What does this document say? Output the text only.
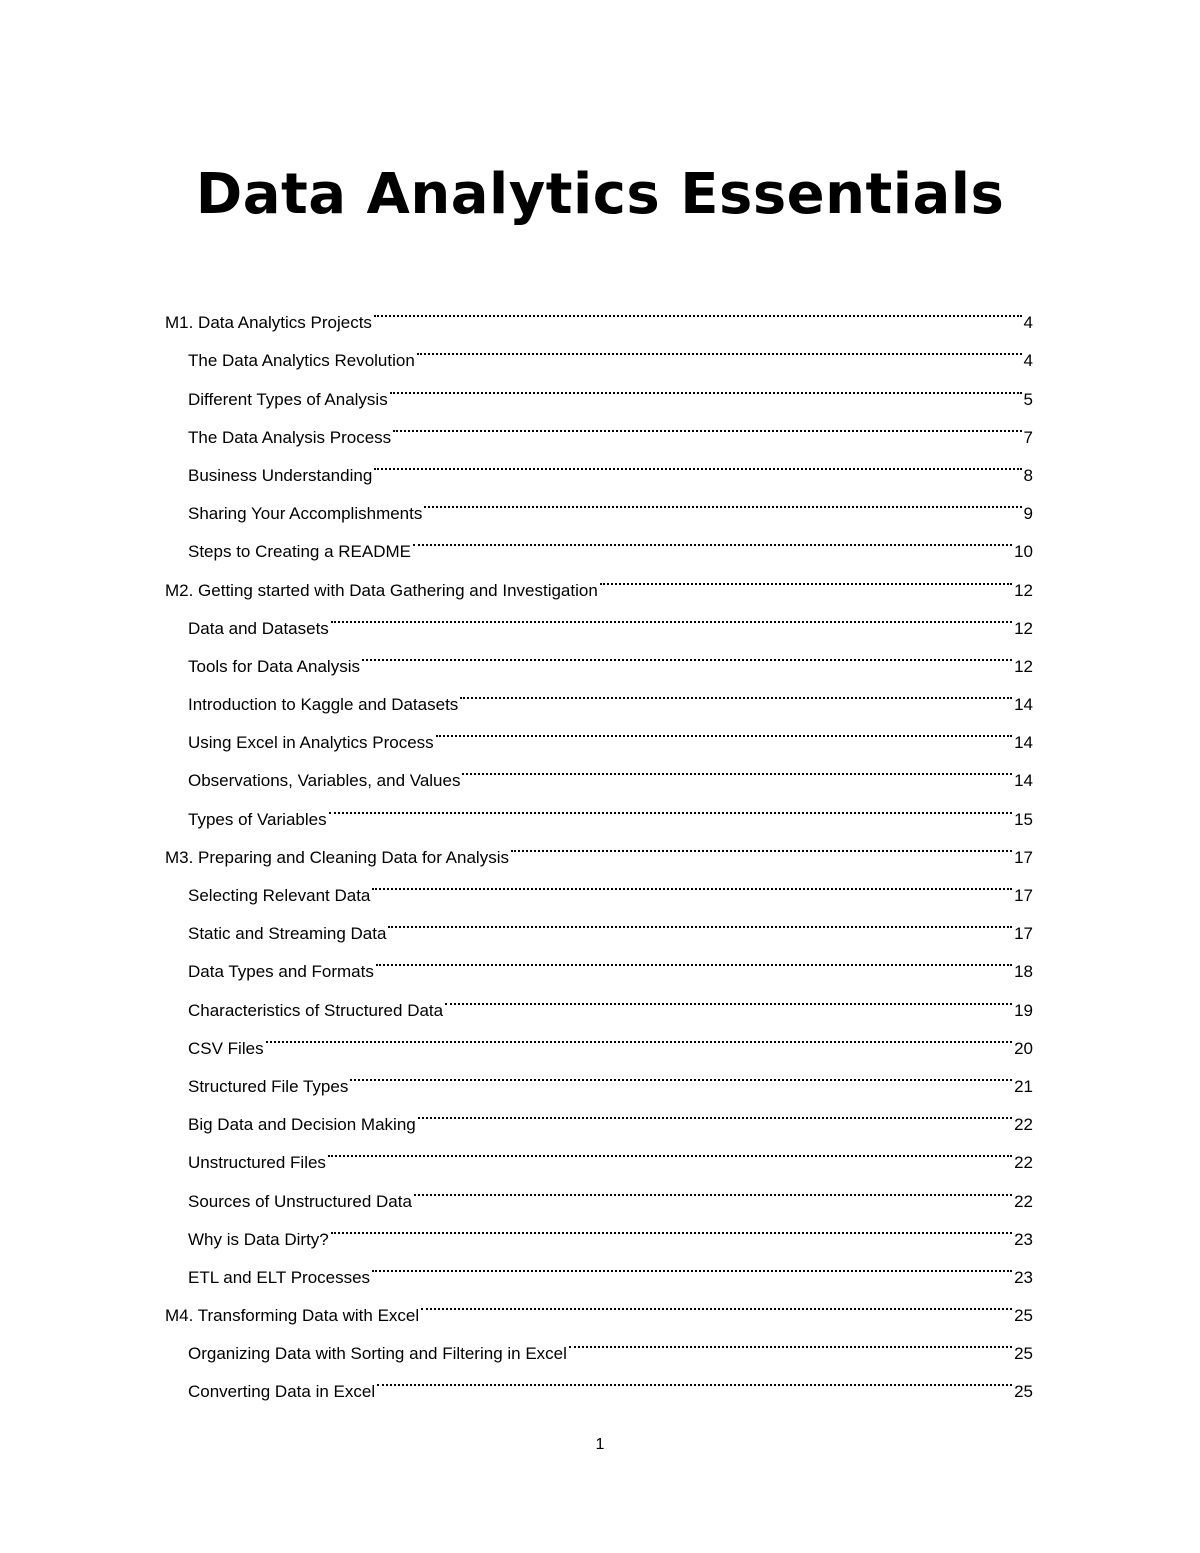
Data Analytics Essentials
M1. Data Analytics Projects	4
The Data Analytics Revolution	4
Different Types of Analysis	5
The Data Analysis Process	7
Business Understanding	8
Sharing Your Accomplishments	9
Steps to Creating a README	10
M2. Getting started with Data Gathering and Investigation	12
Data and Datasets	12
Tools for Data Analysis	12
Introduction to Kaggle and Datasets	14
Using Excel in Analytics Process	14
Observations, Variables, and Values	14
Types of Variables	15
M3. Preparing and Cleaning Data for Analysis	17
Selecting Relevant Data	17
Static and Streaming Data	17
Data Types and Formats	18
Characteristics of Structured Data	19
CSV Files	20
Structured File Types	21
Big Data and Decision Making	22
Unstructured Files	22
Sources of Unstructured Data	22
Why is Data Dirty?	23
ETL and ELT Processes	23
M4. Transforming Data with Excel	25
Organizing Data with Sorting and Filtering in Excel	25
Converting Data in Excel	25
1
